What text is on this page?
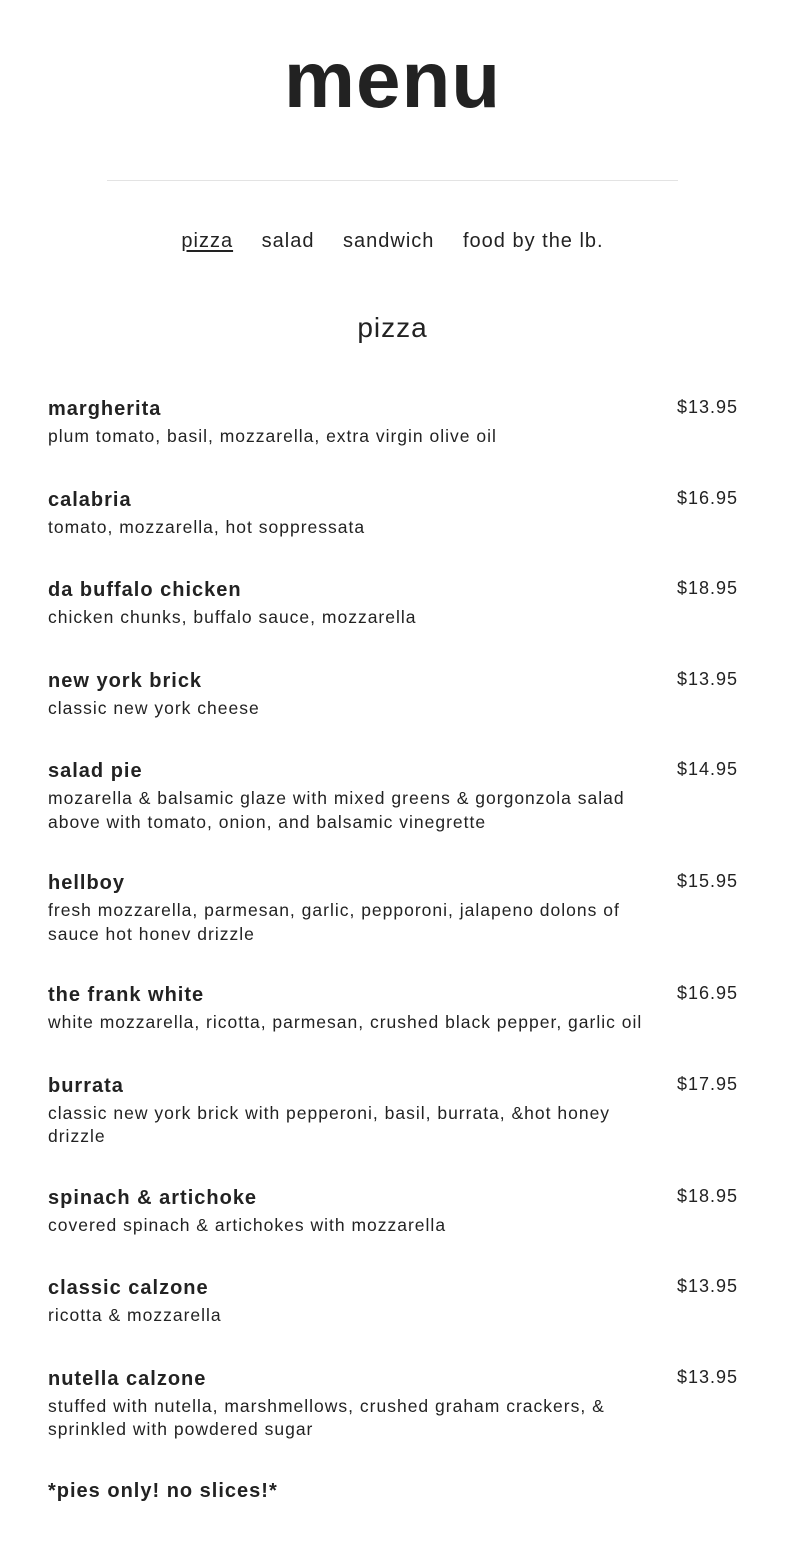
menu
pizza salad sandwich food by the lb.
pizza
margherita
plum tomato, basil, mozzarella, extra virgin olive oil
$13.95
calabria
tomato, mozzarella, hot soppressata
$16.95
da buffalo chicken
chicken chunks, buffalo sauce, mozzarella
$18.95
new york brick
classic new york cheese
$13.95
salad pie
mozarella & balsamic glaze with mixed greens & gorgonzola salad above with tomato, onion, and balsamic vinegrette
$14.95
hellboy
fresh mozzarella, parmesan, garlic, pepporoni, jalapeno dolons of sauce hot honev drizzle
$15.95
the frank white
white mozzarella, ricotta, parmesan, crushed black pepper, garlic oil
$16.95
burrata
classic new york brick with pepperoni, basil, burrata, &hot honey drizzle
$17.95
spinach & artichoke
covered spinach & artichokes with mozzarella
$18.95
classic calzone
ricotta & mozzarella
$13.95
nutella calzone
stuffed with nutella, marshmellows, crushed graham crackers, & sprinkled with powdered sugar
$13.95
*pies only! no slices!*
